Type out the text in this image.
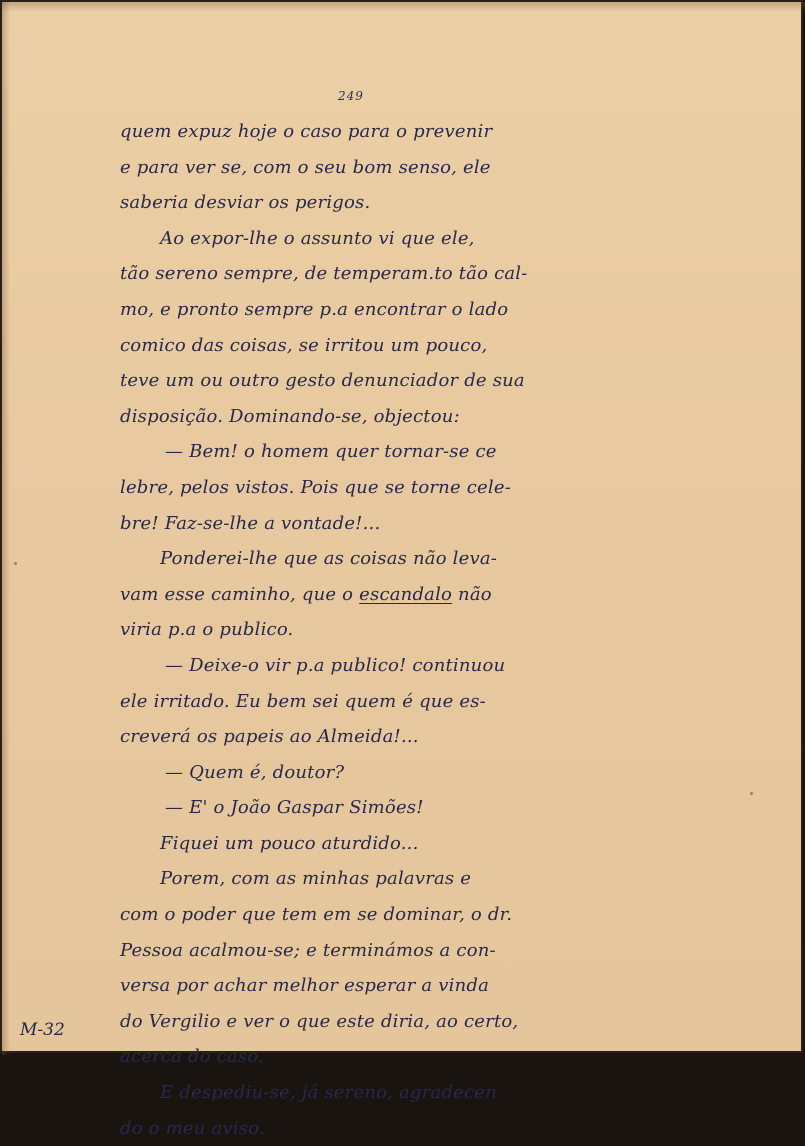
249
quem expuz hoje o caso para o prevenir
e para ver se, com o seu bom senso, ele
saberia desviar os perigos.
Ao expor-lhe o assunto vi que ele,
tão sereno sempre, de temperam.to tão cal-
mo, e pronto sempre p.a encontrar o lado
comico das coisas, se irritou um pouco,
teve um ou outro gesto denunciador de sua
disposição. Dominando-se, objectou:
— Bem! o homem quer tornar-se ce
lebre, pelos vistos. Pois que se torne cele-
bre! Faz-se-lhe a vontade!...
Ponderei-lhe que as coisas não leva-
vam esse caminho, que o escandalo não
viria p.a o publico.
— Deixe-o vir p.a publico! continuou
ele irritado. Eu bem sei quem é que es-
creverá os papeis ao Almeida!...
— Quem é, doutor?
— E' o João Gaspar Simões!
Fiquei um pouco aturdido...
Porem, com as minhas palavras e
com o poder que tem em se dominar, o dr.
Pessoa acalmou-se; e terminámos a con-
versa por achar melhor esperar a vinda
do Vergilio e ver o que este diria, ao certo,
acerca do caso.
E despediu-se, já sereno, agradecen
do o meu aviso.
M-32
